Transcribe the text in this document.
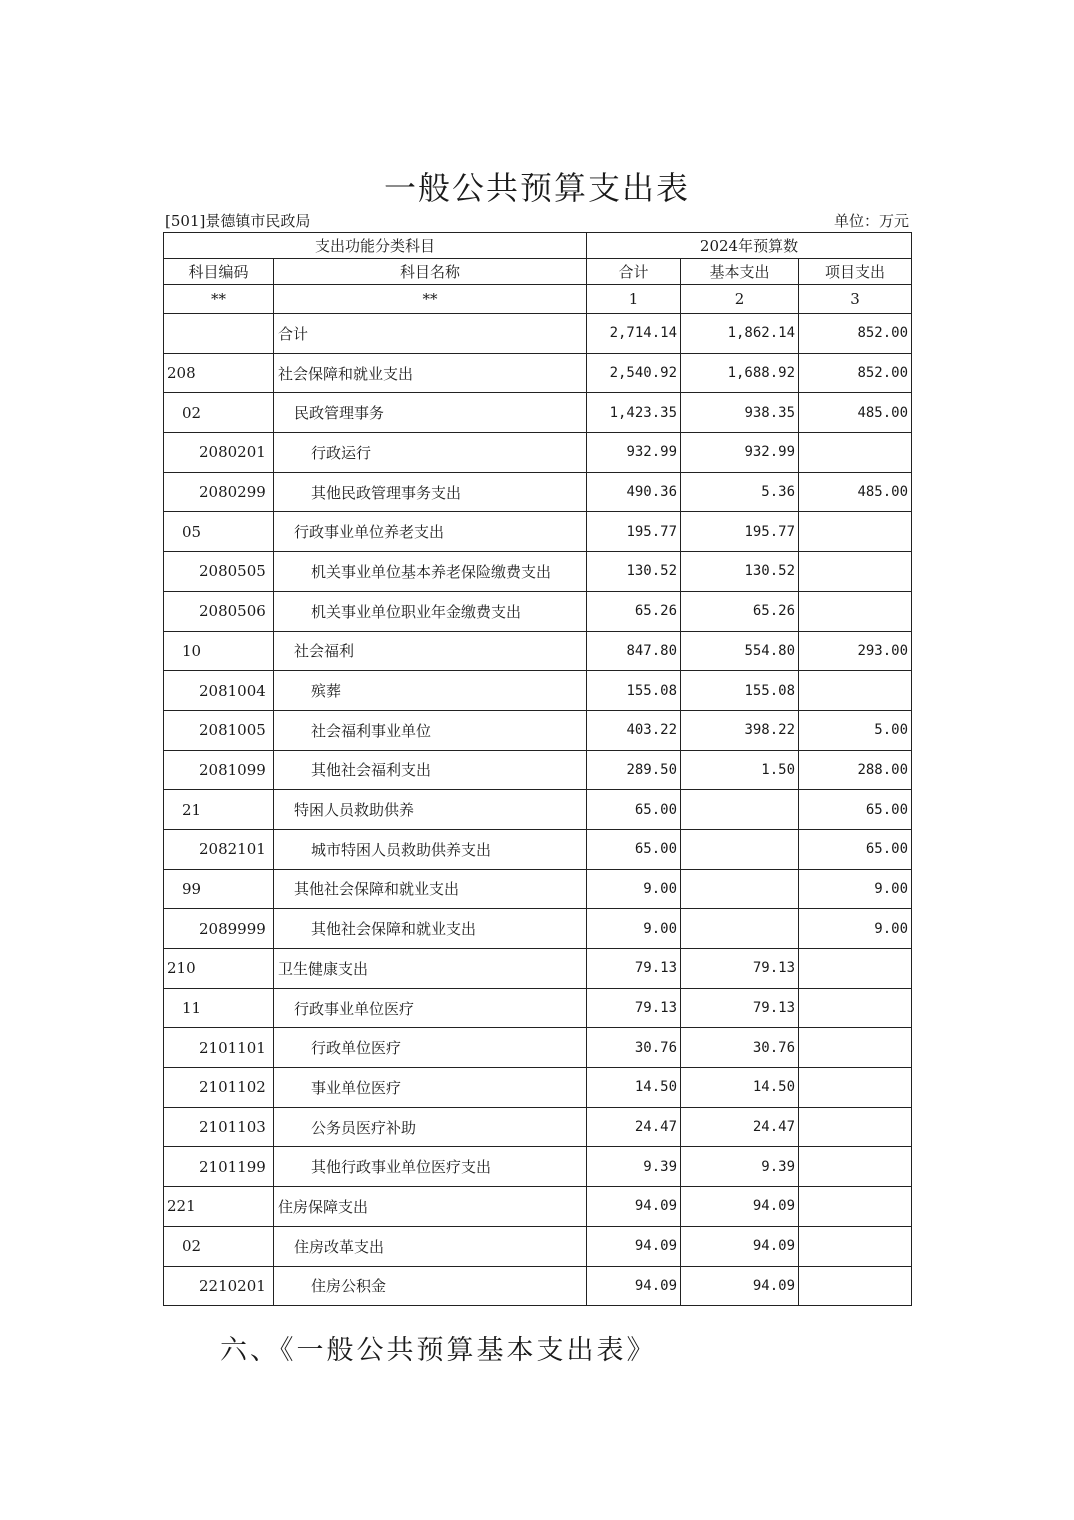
一般公共预算支出表
[501]景德镇市民政局	单位：万元
支出功能分类科目		2024年预算数		
科目编码	科目名称	合计	基本支出	项目支出
**	**	1	2	3
	合计	2,714.14	1,862.14	852.00
208	社会保障和就业支出	2,540.92	1,688.92	852.00
02	民政管理事务	1,423.35	938.35	485.00
2080201	行政运行	932.99	932.99	
2080299	其他民政管理事务支出	490.36	5.36	485.00
05	行政事业单位养老支出	195.77	195.77	
2080505	机关事业单位基本养老保险缴费支出	130.52	130.52	
2080506	机关事业单位职业年金缴费支出	65.26	65.26	
10	社会福利	847.80	554.80	293.00
2081004	殡葬	155.08	155.08	
2081005	社会福利事业单位	403.22	398.22	5.00
2081099	其他社会福利支出	289.50	1.50	288.00
21	特困人员救助供养	65.00		65.00
2082101	城市特困人员救助供养支出	65.00		65.00
99	其他社会保障和就业支出	9.00		9.00
2089999	其他社会保障和就业支出	9.00		9.00
210	卫生健康支出	79.13	79.13	
11	行政事业单位医疗	79.13	79.13	
2101101	行政单位医疗	30.76	30.76	
2101102	事业单位医疗	14.50	14.50	
2101103	公务员医疗补助	24.47	24.47	
2101199	其他行政事业单位医疗支出	9.39	9.39	
221	住房保障支出	94.09	94.09	
02	住房改革支出	94.09	94.09	
2210201	住房公积金	94.09	94.09	
六、《一般公共预算基本支出表》
